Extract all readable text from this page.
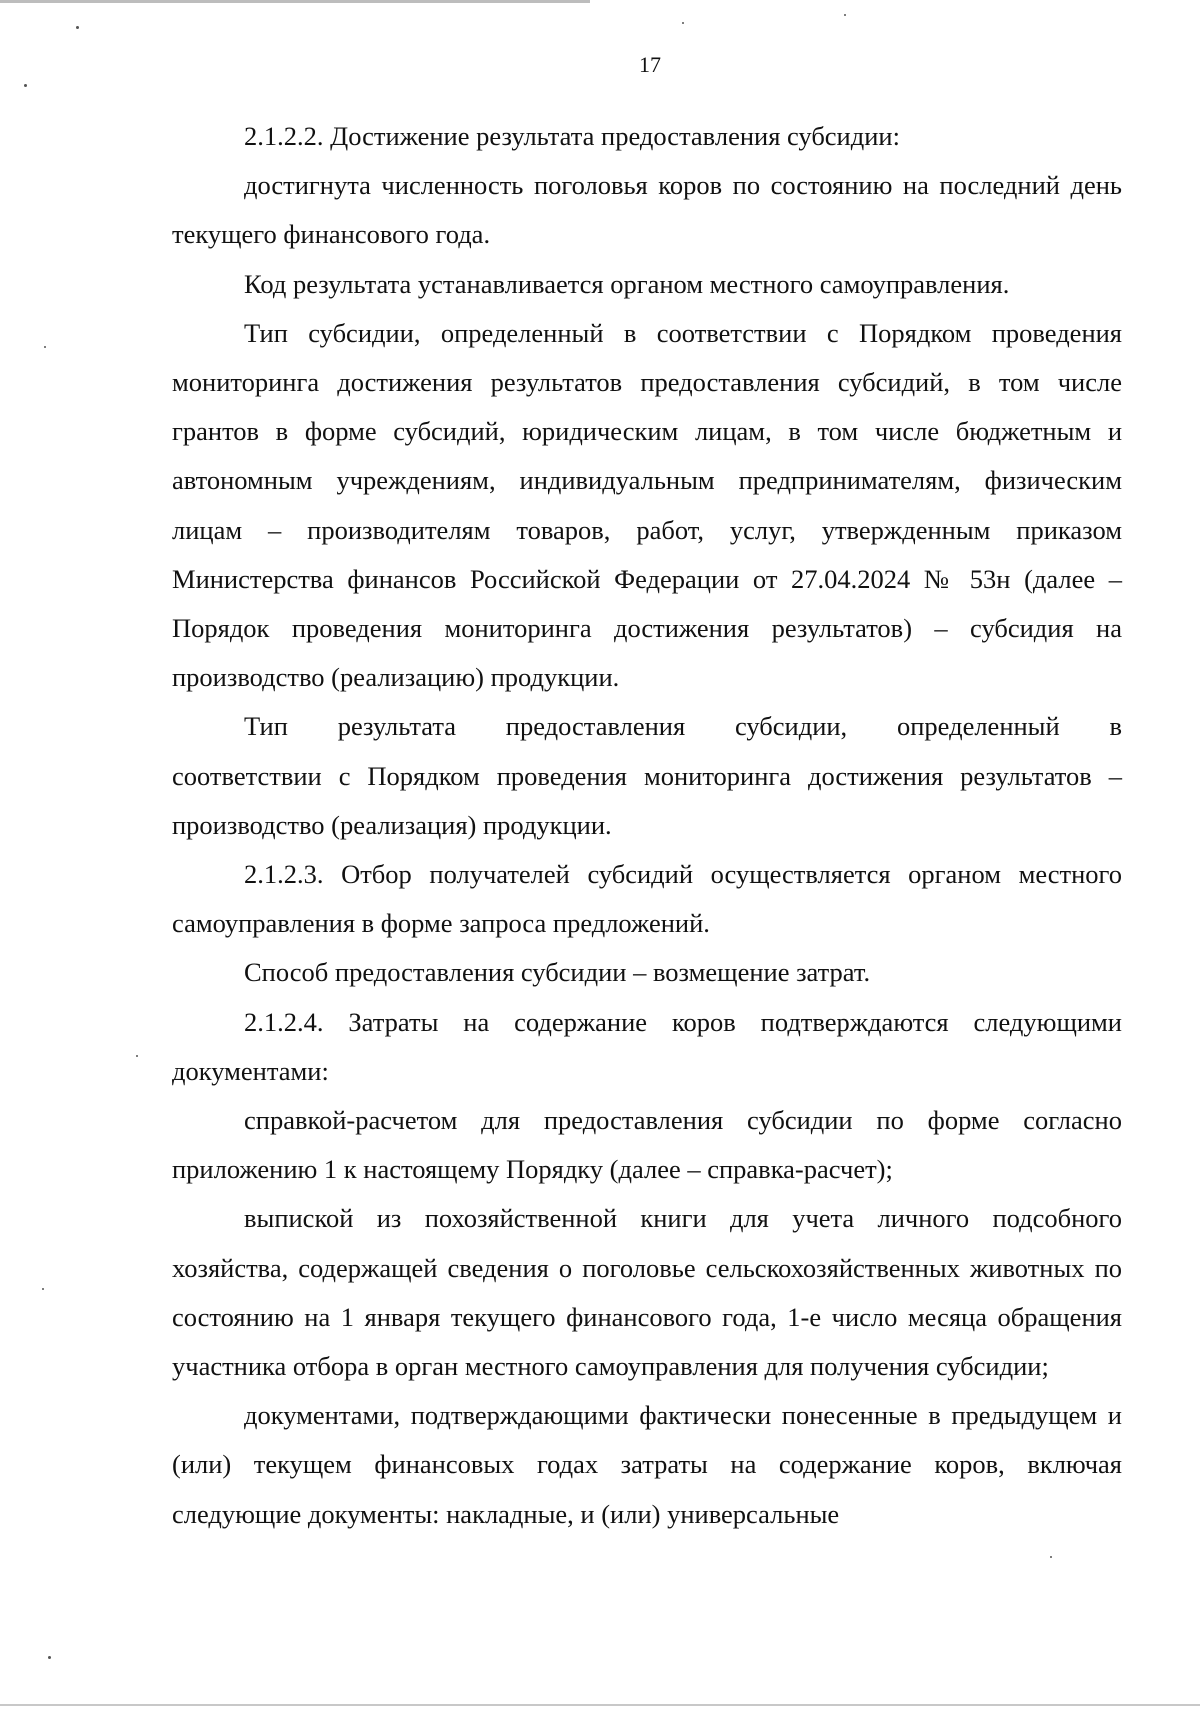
17

2.1.2.2. Достижение результата предоставления субсидии:

достигнута численность поголовья коров по состоянию на последний день текущего финансового года.

Код результата устанавливается органом местного самоуправления.

Тип субсидии, определенный в соответствии с Порядком проведения мониторинга достижения результатов предоставления субсидий, в том числе грантов в форме субсидий, юридическим лицам, в том числе бюджетным и автономным учреждениям, индивидуальным предпринимателям, физическим лицам – производителям товаров, работ, услуг, утвержденным приказом Министерства финансов Российской Федерации от 27.04.2024 № 53н (далее – Порядок проведения мониторинга достижения результатов) – субсидия на производство (реализацию) продукции.

Тип результата предоставления субсидии, определенный в

соответствии с Порядком проведения мониторинга достижения результатов – производство (реализация) продукции.

2.1.2.3. Отбор получателей субсидий осуществляется органом местного самоуправления в форме запроса предложений.

Способ предоставления субсидии – возмещение затрат.

2.1.2.4. Затраты на содержание коров подтверждаются следующими документами:

справкой-расчетом для предоставления субсидии по форме согласно приложению 1 к настоящему Порядку (далее – справка-расчет);

выпиской из похозяйственной книги для учета личного подсобного хозяйства, содержащей сведения о поголовье сельскохозяйственных животных по состоянию на 1 января текущего финансового года, 1-е число месяца обращения участника отбора в орган местного самоуправления для получения субсидии;

документами, подтверждающими фактически понесенные в предыдущем и (или) текущем финансовых годах затраты на содержание коров, включая следующие документы: накладные, и (или) универсальные
